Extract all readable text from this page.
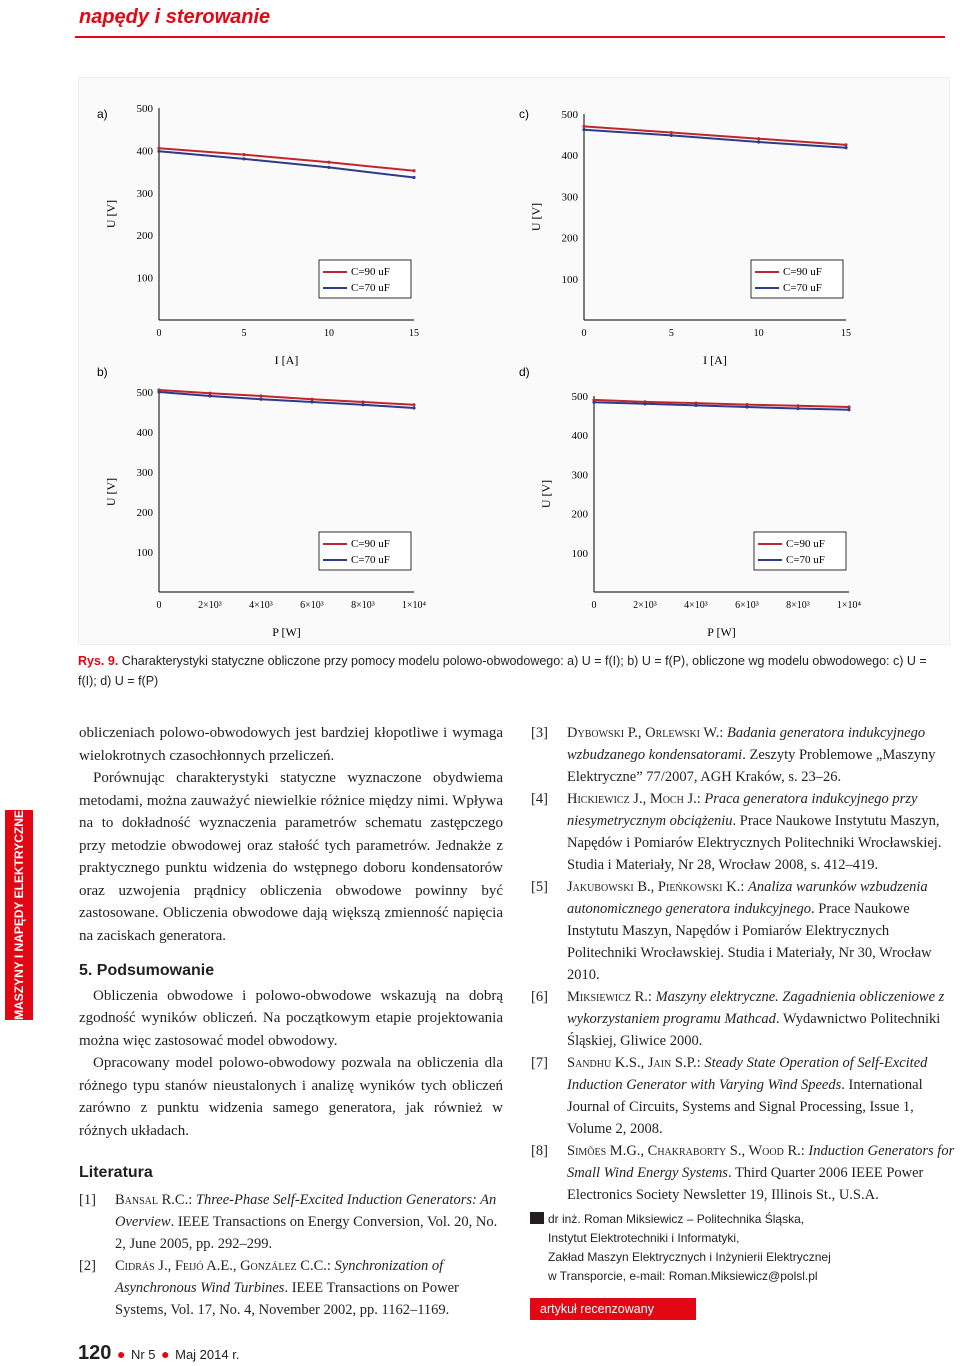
napędy i sterowanie
a)	500
400
300
200
100
0	5	10	15
I [A]
U [V]
C=90 uF
C=70 uF
b)
500
400
300
200
100
0	2×10³	4×10³	6×10³	8×10³	1×10⁴
P [W]
U [V]
C=90 uF
C=70 uF
c)	500
400
300
200
100
0	5	10	15
I [A]
U [V]
C=90 uF
C=70 uF
d)
500
400
300
200
100
0	2×10³	4×10³	6×10³	8×10³	1×10⁴
P [W]
U [V]
C=90 uF
C=70 uF
Rys. 9. Charakterystyki statyczne obliczone przy pomocy modelu polowo-obwodowego: a) U = f(I); b) U = f(P), obliczone wg modelu obwodowego: c) U = f(I); d) U = f(P)
MASZYNY I NAPĘDY ELEKTRYCZNE

obliczeniach polowo-obwodowych jest bardziej kłopotliwe i wymaga wielokrotnych czasochłonnych przeliczeń.

Porównując charakterystyki statyczne wyznaczone obydwiema metodami, można zauważyć niewielkie różnice między nimi. Wpływa na to dokładność wyznaczenia parametrów schematu zastępczego przy metodzie obwodowej oraz stałość tych parametrów. Jednakże z praktycznego punktu widzenia do wstępnego doboru kondensatorów oraz uzwojenia prądnicy obliczenia obwodowe powinny być zastosowane. Obliczenia obwodowe dają większą zmienność napięcia na zaciskach generatora.

5. Podsumowanie

Obliczenia obwodowe i polowo-obwodowe wskazują na dobrą zgodność wyników obliczeń. Na początkowym etapie projektowania można więc zastosować model obwodowy.

Opracowany model polowo-obwodowy pozwala na obliczenia dla różnego typu stanów nieustalonych i analizę wyników tych obliczeń zarówno z punktu widzenia samego generatora, jak również w różnych układach.

Literatura
[1] Bansal R.C.: Three-Phase Self-Excited Induction Generators: An Overview. IEEE Transactions on Energy Conversion, Vol. 20, No. 2, June 2005, pp. 292–299.
[2] Cidrás J., Feijó A.E., González C.C.: Synchronization of Asynchronous Wind Turbines. IEEE Transactions on Power Systems, Vol. 17, No. 4, November 2002, pp. 1162–1169.
[3] Dybowski P., Orlewski W.: Badania generatora indukcyjnego wzbudzanego kondensatorami. Zeszyty Problemowe „Maszyny Elektryczne” 77/2007, AGH Kraków, s. 23–26.
[4] Hickiewicz J., Moch J.: Praca generatora indukcyjnego przy niesymetrycznym obciążeniu. Prace Naukowe Instytutu Maszyn, Napędów i Pomiarów Elektrycznych Politechniki Wrocławskiej. Studia i Materiały, Nr 28, Wrocław 2008, s. 412–419.
[5] Jakubowski B., Pieńkowski K.: Analiza warunków wzbudzenia autonomicznego generatora indukcyjnego. Prace Naukowe Instytutu Maszyn, Napędów i Pomiarów Elektrycznych Politechniki Wrocławskiej. Studia i Materiały, Nr 30, Wrocław 2010.
[6] Miksiewicz R.: Maszyny elektryczne. Zagadnienia obliczeniowe z wykorzystaniem programu Mathcad. Wydawnictwo Politechniki Śląskiej, Gliwice 2000.
[7] Sandhu K.S., Jain S.P.: Steady State Operation of Self-Excited Induction Generator with Varying Wind Speeds. International Journal of Circuits, Systems and Signal Processing, Issue 1, Volume 2, 2008.
[8] Simões M.G., Chakraborty S., Wood R.: Induction Generators for Small Wind Energy Systems. Third Quarter 2006 IEEE Power Electronics Society Newsletter 19, Illinois St., U.S.A.
dr inż. Roman Miksiewicz – Politechnika Śląska,
Instytut Elektrotechniki i Informatyki,
Zakład Maszyn Elektrycznych i Inżynierii Elektrycznej
w Transporcie, e-mail: Roman.Miksiewicz@polsl.pl
artykuł recenzowany
120 ● Nr 5 ● Maj 2014 r.
